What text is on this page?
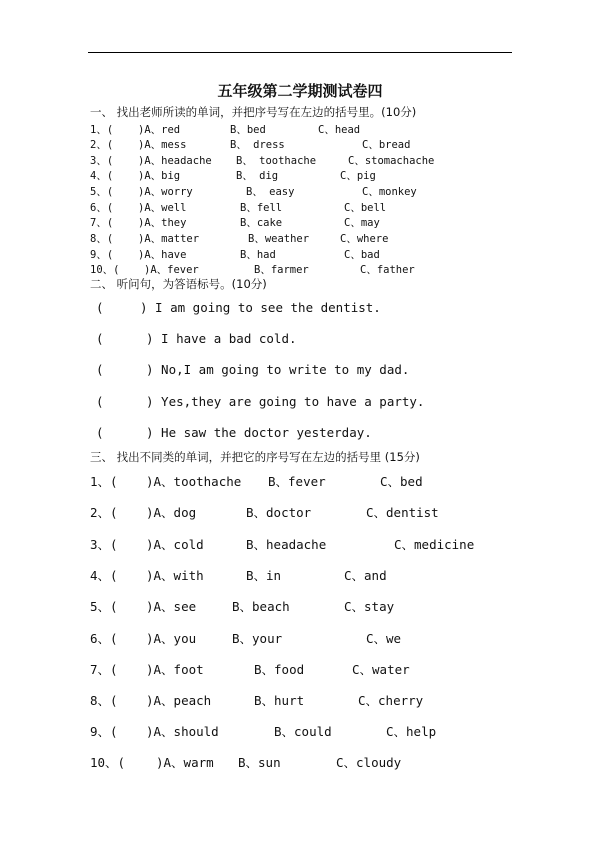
五年级第二学期测试卷四
一、 找出老师所读的单词，并把序号写在左边的括号里。(10分)
1、( )A、red	B、bed	C、head
2、( )A、mess	B、 dress	C、bread
3、( )A、headache B、 toothache	C、stomachache
4、( )A、big	B、 dig	C、pig
5、( )A、worry	B、 easy	C、monkey
6、( )A、well	B、fell	C、bell
7、( )A、they	B、cake	C、may
8、( )A、matter	B、weather	C、where
9、( )A、have	B、had	C、bad
10、( )A、fever	B、farmer	C、father
二、 听问句，为答语标号。(10分)
(	) I am going to see the dentist.
(	) I have a bad cold.
(	) No,I am going to write to my dad.
(	) Yes,they are going to have a party.
(	) He saw the doctor yesterday.
三、 找出不同类的单词，并把它的序号写在左边的括号里 (15分)
1、( )A、toothache B、fever	C、bed
2、( )A、dog	B、doctor	C、dentist
3、( )A、cold	B、headache	C、medicine
4、( )A、with	B、in	C、and
5、( )A、see	B、beach	C、stay
6、( )A、you	B、your	C、we
7、( )A、foot	B、food	C、water
8、( )A、peach	B、hurt	C、cherry
9、( )A、should	B、could	C、help
10、( )A、warm B、sun	C、cloudy
